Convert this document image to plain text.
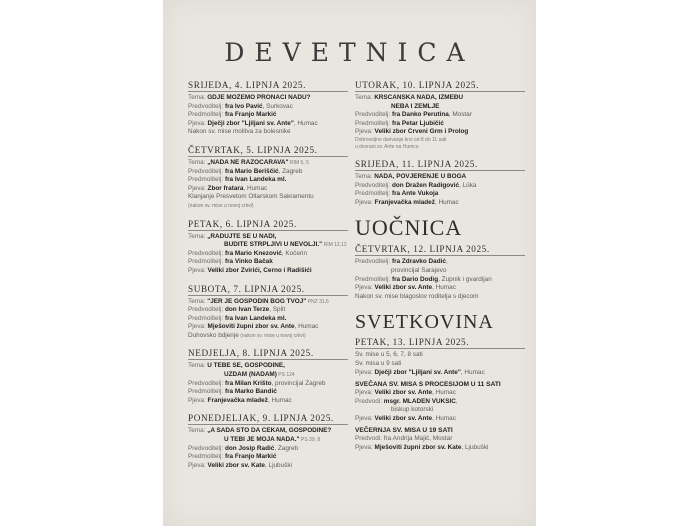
DEVETNICA
SRIJEDA, 4. LIPNJA 2025.
Tema: GDJE MOŽEMO PRONAĆI NADU?
Predvoditelj: fra Ivo Pavić, Šurkovac
Predmolitelj: fra Franjo Markić
Pjeva: Dječji zbor "Ljiljani sv. Ante", Humac
Nakon sv. mise molitva za bolesnike
ČETVRTAK, 5. LIPNJA 2025.
Tema: „NADA NE RAZOČARAVA" RIM 5, 5
Predvoditelj: fra Mario Beriščić, Zagreb
Predmolitelj: fra Ivan Landeka ml.
Pjeva: Zbor fratara, Humac
Klanjanje Presvetom Oltarskom Sakramentu
(nakon sv. mise u novoj crkvi)
PETAK, 6. LIPNJA 2025.
Tema: „RADUJTE SE U NADI,
BUDITE STRPLJIVI U NEVOLJI." RIM 12,12
Predvoditelj: fra Mario Knezović, Kočerin
Predmolitelj: fra Vinko Bačak
Pjeva: Veliki zbor Zvirići, Cerno i Radišići
SUBOTA, 7. LIPNJA 2025.
Tema: "JER JE GOSPODIN BOG TVOJ" PNZ 31,6
Predvoditelj: don Ivan Terze, Split
Predmolitelj: fra Ivan Landeka ml.
Pjeva: Mješoviti župni zbor sv. Ante, Humac
Duhovsko bdjenje (nakon sv. mise u novoj crkvi)
NEDJELJA, 8. LIPNJA 2025.
Tema: U TEBE SE, GOSPODINE,
UZDAM (NADAM) PS 124
Predvoditelj: fra Milan Krišto, provincijal Zagreb
Predmolitelj: fra Marko Bandić
Pjeva: Franjevačka mladež, Humac
PONEDJELJAK, 9. LIPNJA 2025.
Tema: „A SADA ŠTO DA ČEKAM, GOSPODINE?
U TEBI JE MOJA NADA." PS 39, 8
Predvoditelj: don Josip Radić, Zagreb
Predmolitelj: fra Franjo Markić
Pjeva: Veliki zbor sv. Kate, Ljubuški
UTORAK, 10. LIPNJA 2025.
Tema: KRŠĆANSKA NADA, IZMEĐU
NEBA I ZEMLJE
Predvoditelj: fra Danko Perutina, Mostar
Predmolitelj: fra Petar Ljubičić
Pjeva: Veliki zbor Crveni Grm i Prolog
Dobrovoljno darivanje krvi od 8 do 11 sati
u dvorani sv. Ante na Humcu
SRIJEDA, 11. LIPNJA 2025.
Tema: NADA, POVJERENJE U BOGA
Predvoditelj: don Dražen Radigović, Lüka
Predmolitelj: fra Ante Vukoja
Pjeva: Franjevačka mladež, Humac
UOČNICA
ČETVRTAK, 12. LIPNJA 2025.
Predvoditelj: fra Zdravko Dadić,
provincijal Sarajevo
Predmolitelj: fra Dario Dodig, Župnik i gvardijan
Pjeva: Veliki zbor sv. Ante, Humac
Nakon sv. mise blagoslov roditelja s djecom
SVETKOVINA
PETAK, 13. LIPNJA 2025.
Sv. mise u 5, 6, 7, 8 sati
Sv. misa u 9 sati
Pjeva: Dječji zbor "Ljiljani sv. Ante", Humac
SVEČANA SV. MISA S PROCESIJOM U 11 SATI
Pjeva: Veliki zbor sv. Ante, Humac
Predvodi: msgr. MLADEN VUKŠIĆ,
biskup kotorski
Pjeva: Veliki zbor sv. Ante, Humac
VEČERNJA SV. MISA U 19 SATI
Predvodi: fra Andrija Majić, Mostar
Pjeva: Mješoviti župni zbor sv. Kate, Ljubuški
